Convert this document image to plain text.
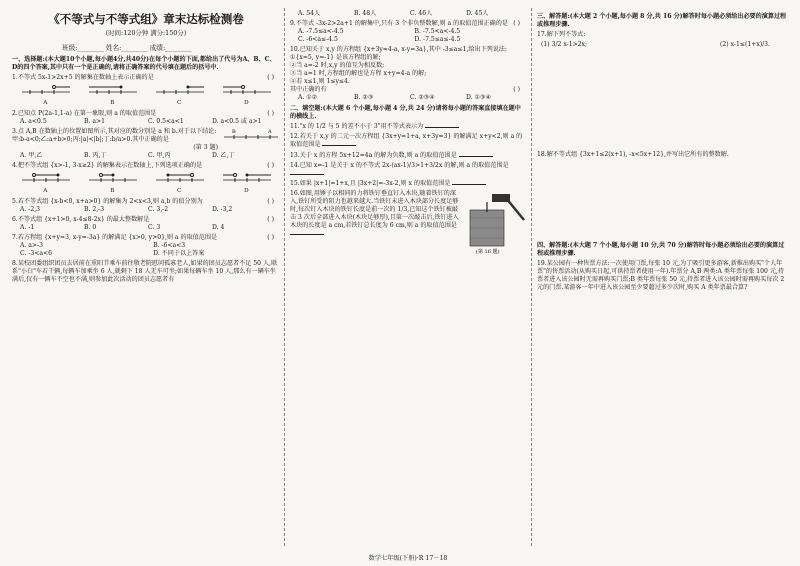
《不等式与不等式组》章末达标检测卷
(时间:120分钟 满分:150分)
班级:________ 姓名:________ 成绩:________
一、选择题:(本大题10个小题,每小题4分,共40分)在每个小题的下面,都给出了代号为A、B、C、D的四个答案,其中只有一个是正确的,请将正确答案的代号填在题后的括号中.
( )
1.不等式 5x-1>2x+5 的解集在数轴上表示正确的是
A	B	C	D
( )
2.已知点 P(2a-1,1-a) 在第一象限,则 a 的取值范围是
A. a<0.5	B. a>1	C. 0.5<a<1	D. a<0.5 或 a>1
B	A
3.点 A,B 在数轴上的位置如图所示,其对应的数分别是 a 和 b.对于以下结论:甲:b-a<0;乙:a+b>0;丙:|a|<|b|;丁:b/a>0.其中正确的是
(第 3 题)
A. 甲,乙	B. 丙,丁	C. 甲,丙	D. 乙,丁
( )
4.把不等式组 {x>-1, 3-x≥2} 的解集表示在数轴上,下列选项正确的是
A	B	C	D
( )
5.若不等式组 {x-b<0, x+a>0} 的解集为 2<x<3,则 a,b 的值分别为
A. -2,3	B. 2,-3	C. 3,-2	D. -3,2
( )
6.不等式组 {x+1>0, x-4≤8-2x} 的最大整数解是
A. -1	B. 0	C. 3	D. 4
( )
7.若方程组 {x+y=3, x-y=-3a} 的解满足 {x>0, y>0},则 a 的取值范围是
A. a>-3	B. -6<a<3
C. -3<a<6	D. 不同于以上答案
8.某校团委组织团员去居前在重阳节乘车前往敬老院慰问孤寡老人,如果的团员志愿者不足 50 人,联系"小白"车若干辆,每辆车加乘坐 6 人,就剩下 18 人无车可坐;如果每辆车坐 10 人,那么有一辆车坐满后,仅有一辆车不空也不满,则参加此次活动的团员志愿者有
A. 54人	B. 48人	C. 46人	D. 45人
( )
9.不等式 -3x-2>2a+1 的解集中,只有 3 个非负整数解,则 a 的取值范围正确的是
A. -7.5≤a<-4.5	B. -7.5<a<-4.5
C. -6<a≤-4.5	D. -7.5≤a≤-4.5
10.已知关于 x,y 的方程组 {x+3y=4-a, x-y=3a},其中 -3≤a≤1,给出下列说法:
①{x=5, y=-1} 是该方程组的解;
②当 a=-2 时,x,y 的值互为相反数;
③当 a=1 时,方程组的解也是方程 x+y=4-a 的解;
④若 x≤1,则 1≤y≤4.
( )
其中正确的有
A. ①②	B. ②③	C. ②③④	D. ①③④
二、填空题:(本大题 6 个小题,每小题 4 分,共 24 分)请将每小题的答案直接填在题中的横线上.
11."x 的 1/2 与 5 的差不小于 3"用不等式表示为
12.若关于 x,y 的二元一次方程组 {3x+y=1+a, x+3y=3} 的解满足 x+y<2,则 a 的取值范围是
13.关于 x 的方程 5x+12=4a 的解为负数,则 a 的取值范围是
14.已知 x=-1 是关于 x 的不等式 2x-(ax-1)/3>1+3/2x 的解,则 a 的取值范围是
15.如果 |x+1|=1+x,且 |3x+2|=-3x-2,则 x 的取值范围是
(第 16 题)
16.如图,用锤子以相同的力将铁钉垂直钉入木块,随着铁钉的深入,铁钉所受的阻力也越来越大.当铁钉未进入木块部分长度足够时,每次钉入木块的铁钉长度是前一次的 1/3,已知这个铁钉被敲击 3 次后全部进入木块(木块足够厚),且第一次敲击后,铁钉进入木块的长度是 a cm,若铁钉总长度为 6 cm,则 a 的取值范围是
三、解答题:(本大题 2 个小题,每小题 8 分,共 16 分)解答时每小题必须给出必要的演算过程或推理步骤.
17.解下列不等式:
(1) 3/2 x-1>2x;	(2) x-1≤(1+x)/3.
18.解不等式组 {3x+1≤2(x+1), -x<5x+12},并写出它所有的整数解.
四、解答题:(本大题 7 个小题,每小题 10 分,共 70 分)解答时每小题必须给出必要的演算过程或推理步骤.
19.某公园有一种售票方法:一次使用门票,每张 10 元,为了吸引更多游客,新推出购买"个人年票"的售票活动(从购买日起,可供持票者使用一年).年票分 A,B 两类:A 类年票每张 100 元,持票者进入该公园时无需再购买门票;B 类年票每张 50 元,持票者进入该公园时需再购买每次 2 元的门票.某游客一年中进入该公园至少要超过多少次时,购买 A 类年票最合算?
数学七年级(下册)·R 17－18
